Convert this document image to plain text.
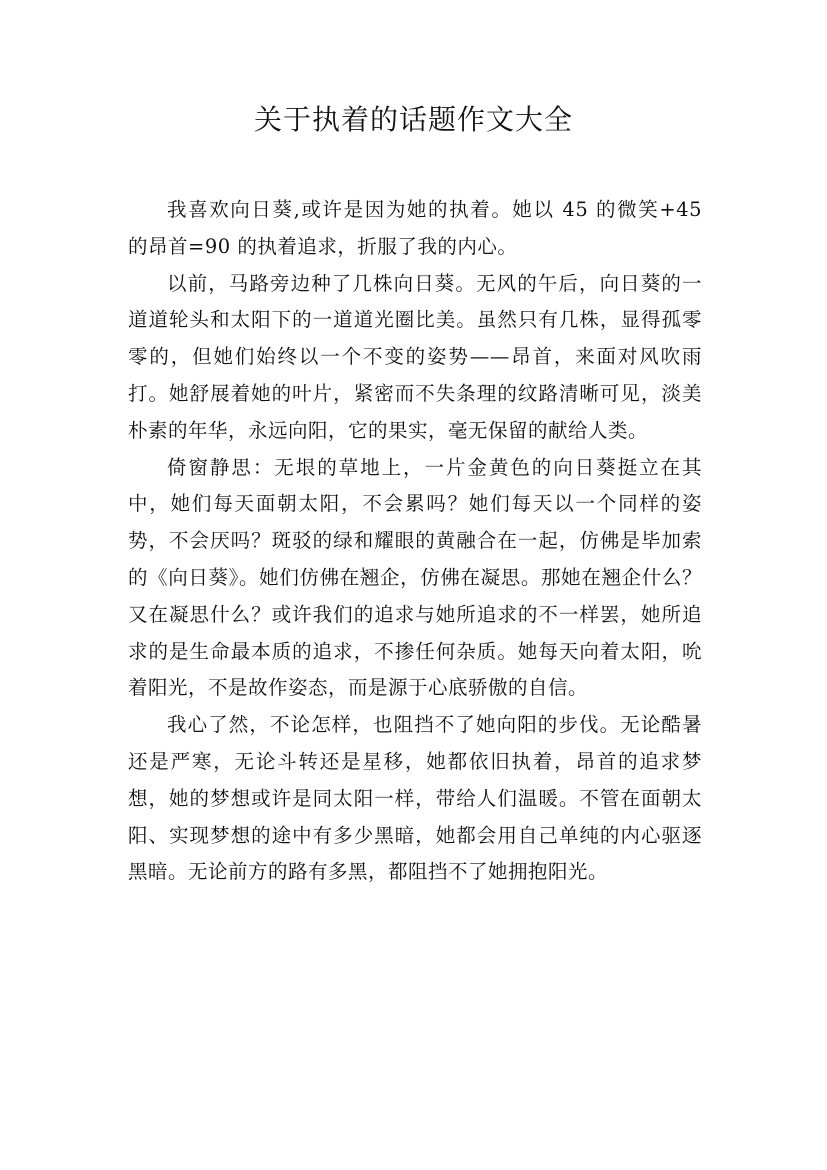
关于执着的话题作文大全

我喜欢向日葵,或许是因为她的执着。她以 45 的微笑+45 的昂首=90 的执着追求，折服了我的内心。

以前，马路旁边种了几株向日葵。无风的午后，向日葵的一道道轮头和太阳下的一道道光圈比美。虽然只有几株，显得孤零零的，但她们始终以一个不变的姿势——昂首，来面对风吹雨打。她舒展着她的叶片，紧密而不失条理的纹路清晰可见，淡美朴素的年华，永远向阳，它的果实，毫无保留的献给人类。

倚窗静思：无垠的草地上，一片金黄色的向日葵挺立在其中，她们每天面朝太阳，不会累吗？她们每天以一个同样的姿势，不会厌吗？斑驳的绿和耀眼的黄融合在一起，仿佛是毕加索的《向日葵》。她们仿佛在翘企，仿佛在凝思。那她在翘企什么？又在凝思什么？或许我们的追求与她所追求的不一样罢，她所追求的是生命最本质的追求，不掺任何杂质。她每天向着太阳，吮着阳光，不是故作姿态，而是源于心底骄傲的自信。

我心了然，不论怎样，也阻挡不了她向阳的步伐。无论酷暑还是严寒，无论斗转还是星移，她都依旧执着，昂首的追求梦想，她的梦想或许是同太阳一样，带给人们温暖。不管在面朝太阳、实现梦想的途中有多少黑暗，她都会用自己单纯的内心驱逐黑暗。无论前方的路有多黑，都阻挡不了她拥抱阳光。
